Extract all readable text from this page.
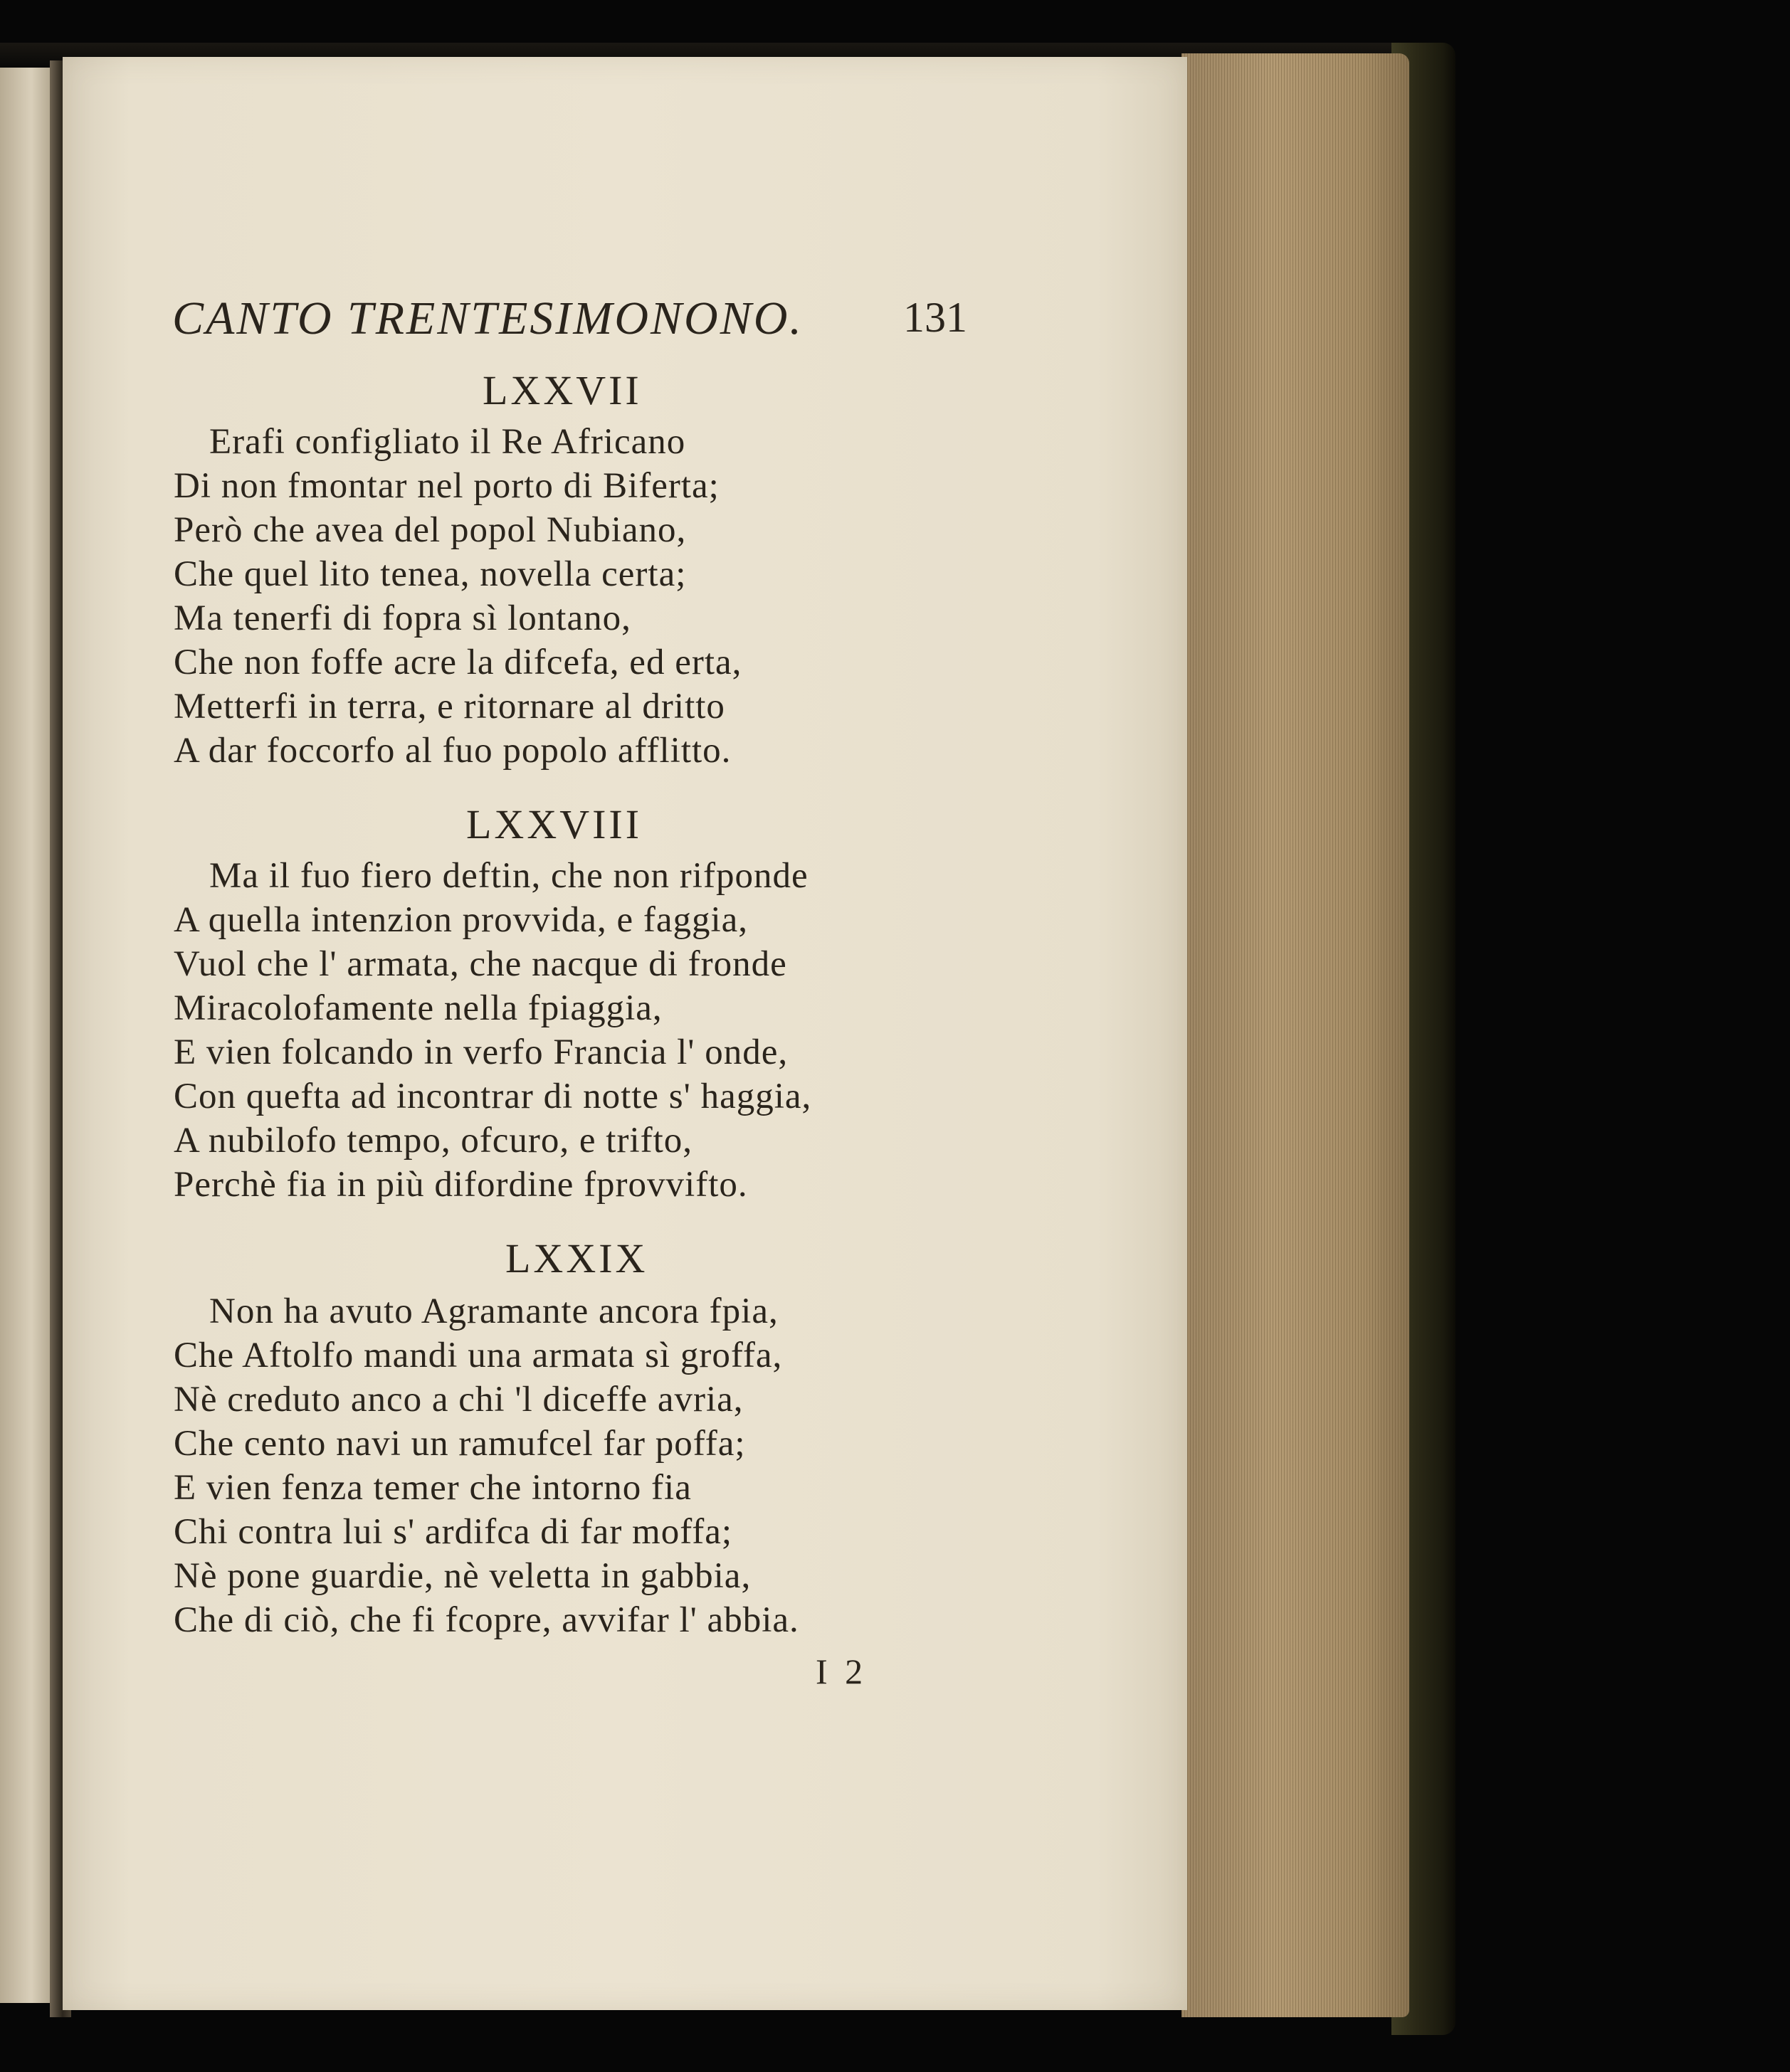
CANTO TRENTESIMONONO. 131
LXXVII
Erafi configliato il Re Africano
Di non fmontar nel porto di Biferta;
Però che avea del popol Nubiano,
Che quel lito tenea, novella certa;
Ma tenerfi di fopra sì lontano,
Che non foffe acre la difcefa, ed erta,
Metterfi in terra, e ritornare al dritto
A dar foccorfo al fuo popolo afflitto.
LXXVIII
Ma il fuo fiero deftin, che non rifponde
A quella intenzion provvida, e faggia,
Vuol che l' armata, che nacque di fronde
Miracolofamente nella fpiaggia,
E vien folcando in verfo Francia l' onde,
Con quefta ad incontrar di notte s' haggia,
A nubilofo tempo, ofcuro, e trifto,
Perchè fia in più difordine fprovvifto.
LXXIX
Non ha avuto Agramante ancora fpia,
Che Aftolfo mandi una armata sì groffa,
Nè creduto anco a chi 'l diceffe avria,
Che cento navi un ramufcel far poffa;
E vien fenza temer che intorno fia
Chi contra lui s' ardifca di far moffa;
Nè pone guardie, nè veletta in gabbia,
Che di ciò, che fi fcopre, avvifar l' abbia.
I 2
